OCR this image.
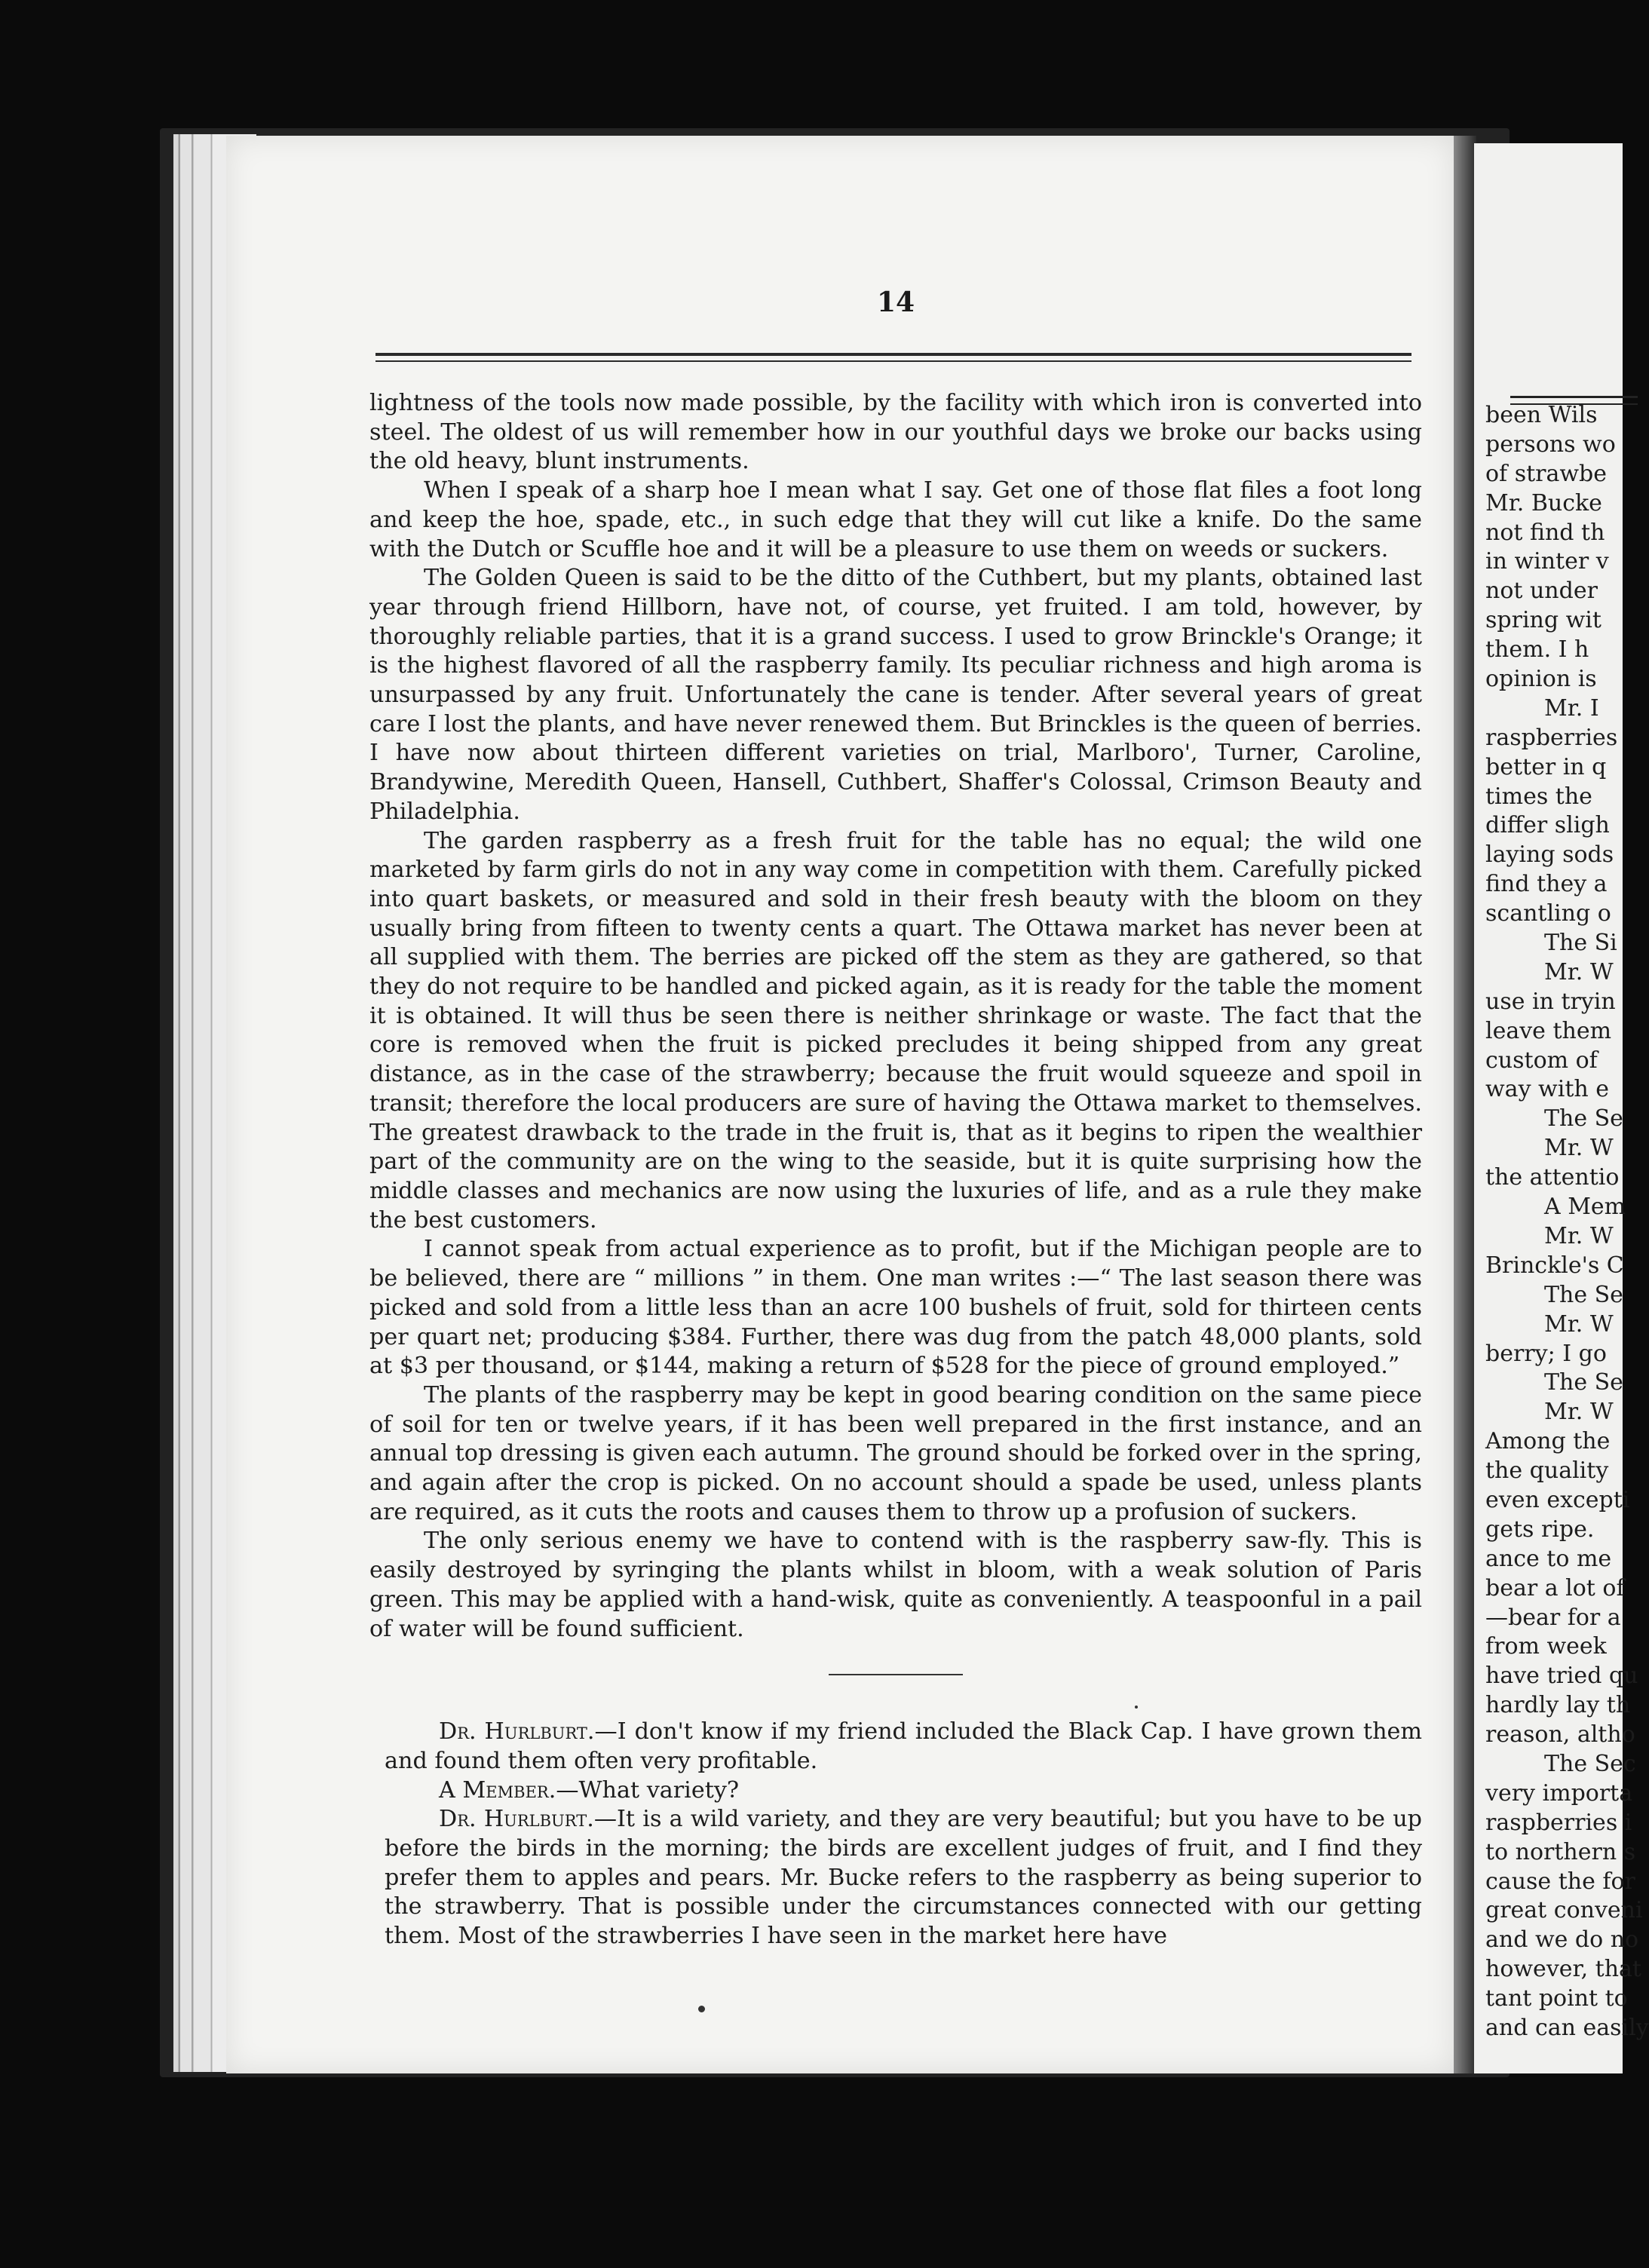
14

lightness of the tools now made possible, by the facility with which iron is converted into steel. The oldest of us will remember how in our youthful days we broke our backs using the old heavy, blunt instruments.

When I speak of a sharp hoe I mean what I say. Get one of those flat files a foot long and keep the hoe, spade, etc., in such edge that they will cut like a knife. Do the same with the Dutch or Scuffle hoe and it will be a pleasure to use them on weeds or suckers.

The Golden Queen is said to be the ditto of the Cuthbert, but my plants, obtained last year through friend Hillborn, have not, of course, yet fruited. I am told, however, by thoroughly reliable parties, that it is a grand success. I used to grow Brinckle's Orange; it is the highest flavored of all the raspberry family. Its peculiar richness and high aroma is unsurpassed by any fruit. Unfortunately the cane is tender. After several years of great care I lost the plants, and have never renewed them. But Brinckles is the queen of berries. I have now about thirteen different varieties on trial, Marlboro', Turner, Caroline, Brandywine, Meredith Queen, Hansell, Cuthbert, Shaffer's Colossal, Crimson Beauty and Philadelphia.

The garden raspberry as a fresh fruit for the table has no equal; the wild one marketed by farm girls do not in any way come in competition with them. Carefully picked into quart baskets, or measured and sold in their fresh beauty with the bloom on they usually bring from fifteen to twenty cents a quart. The Ottawa market has never been at all supplied with them. The berries are picked off the stem as they are gathered, so that they do not require to be handled and picked again, as it is ready for the table the moment it is obtained. It will thus be seen there is neither shrinkage or waste. The fact that the core is removed when the fruit is picked precludes it being shipped from any great distance, as in the case of the strawberry; because the fruit would squeeze and spoil in transit; therefore the local producers are sure of having the Ottawa market to themselves. The greatest drawback to the trade in the fruit is, that as it begins to ripen the wealthier part of the community are on the wing to the seaside, but it is quite surprising how the middle classes and mechanics are now using the luxuries of life, and as a rule they make the best customers.

I cannot speak from actual experience as to profit, but if the Michigan people are to be believed, there are “ millions ” in them. One man writes :—“ The last season there was picked and sold from a little less than an acre 100 bushels of fruit, sold for thirteen cents per quart net; producing $384. Further, there was dug from the patch 48,000 plants, sold at $3 per thousand, or $144, making a return of $528 for the piece of ground employed.”

The plants of the raspberry may be kept in good bearing condition on the same piece of soil for ten or twelve years, if it has been well prepared in the first instance, and an annual top dressing is given each autumn. The ground should be forked over in the spring, and again after the crop is picked. On no account should a spade be used, unless plants are required, as it cuts the roots and causes them to throw up a profusion of suckers.

The only serious enemy we have to contend with is the raspberry saw-fly. This is easily destroyed by syringing the plants whilst in bloom, with a weak solution of Paris green. This may be applied with a hand-wisk, quite as conveniently. A teaspoonful in a pail of water will be found sufficient.

Dr. Hurlburt.—I don't know if my friend included the Black Cap. I have grown them and found them often very profitable.

A Member.—What variety?

Dr. Hurlburt.—It is a wild variety, and they are very beautiful; but you have to be up before the birds in the morning; the birds are excellent judges of fruit, and I find they prefer them to apples and pears. Mr. Bucke refers to the raspberry as being superior to the strawberry. That is possible under the circumstances connected with our getting them. Most of the strawberries I have seen in the market here have

been Wils
persons wo
of strawbe
Mr. Bucke
not find th
in winter v
not under
spring wit
them. I h
opinion is
Mr. I
raspberries
better in q
times the
differ sligh
laying sods
find they a
scantling o
The Si
Mr. W
use in tryin
leave them
custom of
way with e
The Se
Mr. W
the attentio
A Mem
Mr. W
Brinckle's C
The Se
Mr. W
berry; I go
The Se
Mr. W
Among the
the quality
even excepti
gets ripe.
ance to me
bear a lot of
—bear for a
from week
have tried qu
hardly lay th
reason, altho
The Sec
very importa
raspberries i
to northern s
cause the for
great conveni
and we do no
however, that
tant point to
and can easily
